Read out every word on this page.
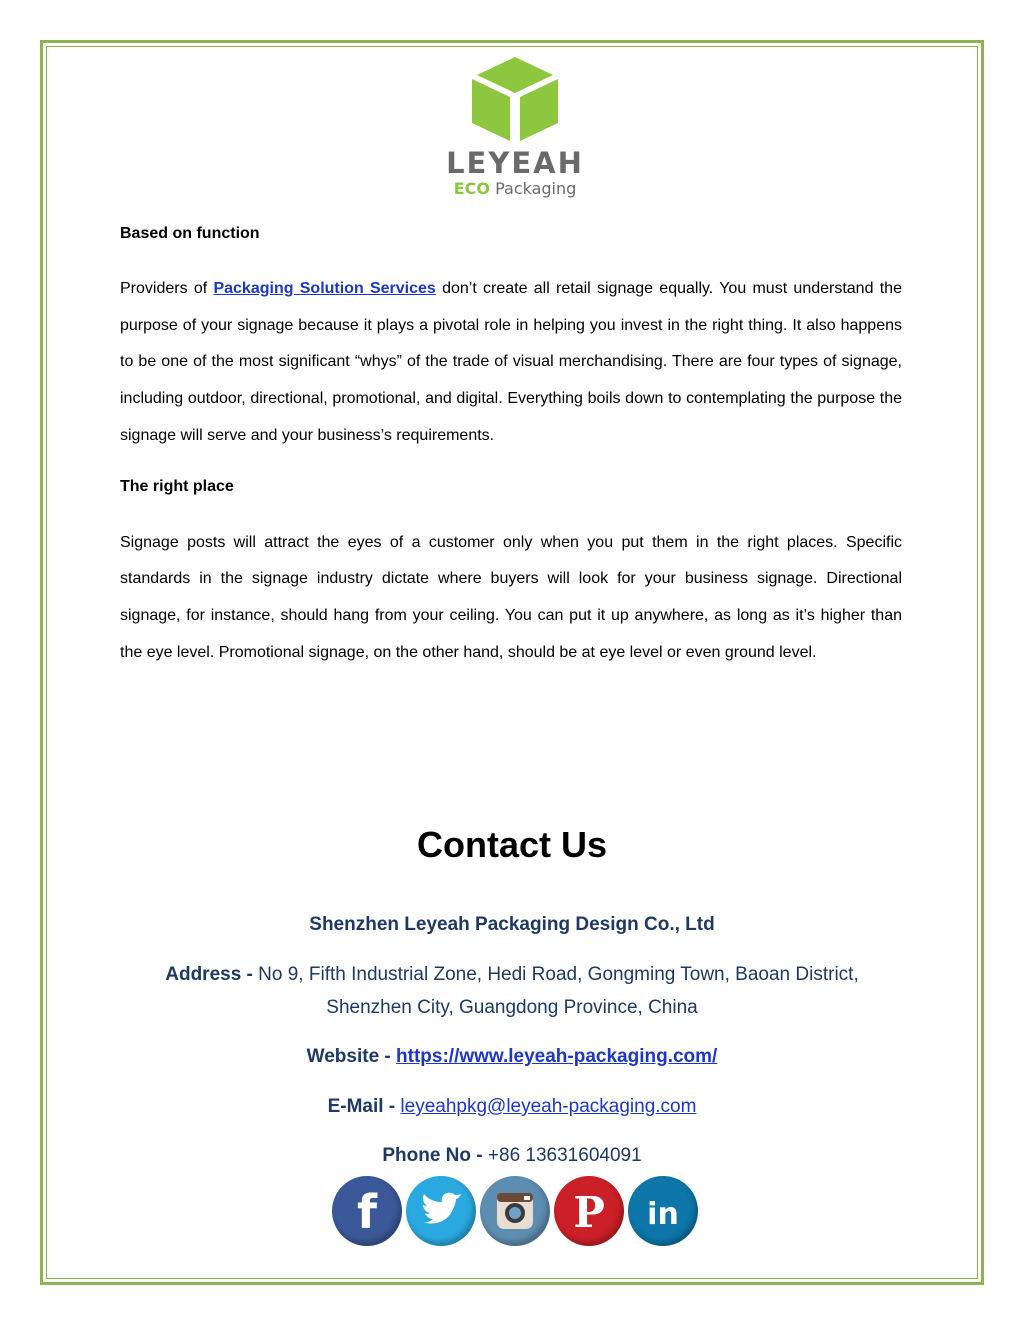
LEYEAH
ECO Packaging

Based on function

Providers of Packaging Solution Services don’t create all retail signage equally. You must understand the purpose of your signage because it plays a pivotal role in helping you invest in the right thing. It also happens to be one of the most significant “whys” of the trade of visual merchandising. There are four types of signage, including outdoor, directional, promotional, and digital. Everything boils down to contemplating the purpose the signage will serve and your business’s requirements.

The right place

Signage posts will attract the eyes of a customer only when you put them in the right places. Specific standards in the signage industry dictate where buyers will look for your business signage. Directional signage, for instance, should hang from your ceiling. You can put it up anywhere, as long as it’s higher than the eye level. Promotional signage, on the other hand, should be at eye level or even ground level.

Contact Us
Shenzhen Leyeah Packaging Design Co., Ltd
Address - No 9, Fifth Industrial Zone, Hedi Road, Gongming Town, Baoan District,
Shenzhen City, Guangdong Province, China
Website - https://www.leyeah-packaging.com/
E-Mail - leyeahpkg@leyeah-packaging.com
Phone No - +86 13631604091
f	P in
